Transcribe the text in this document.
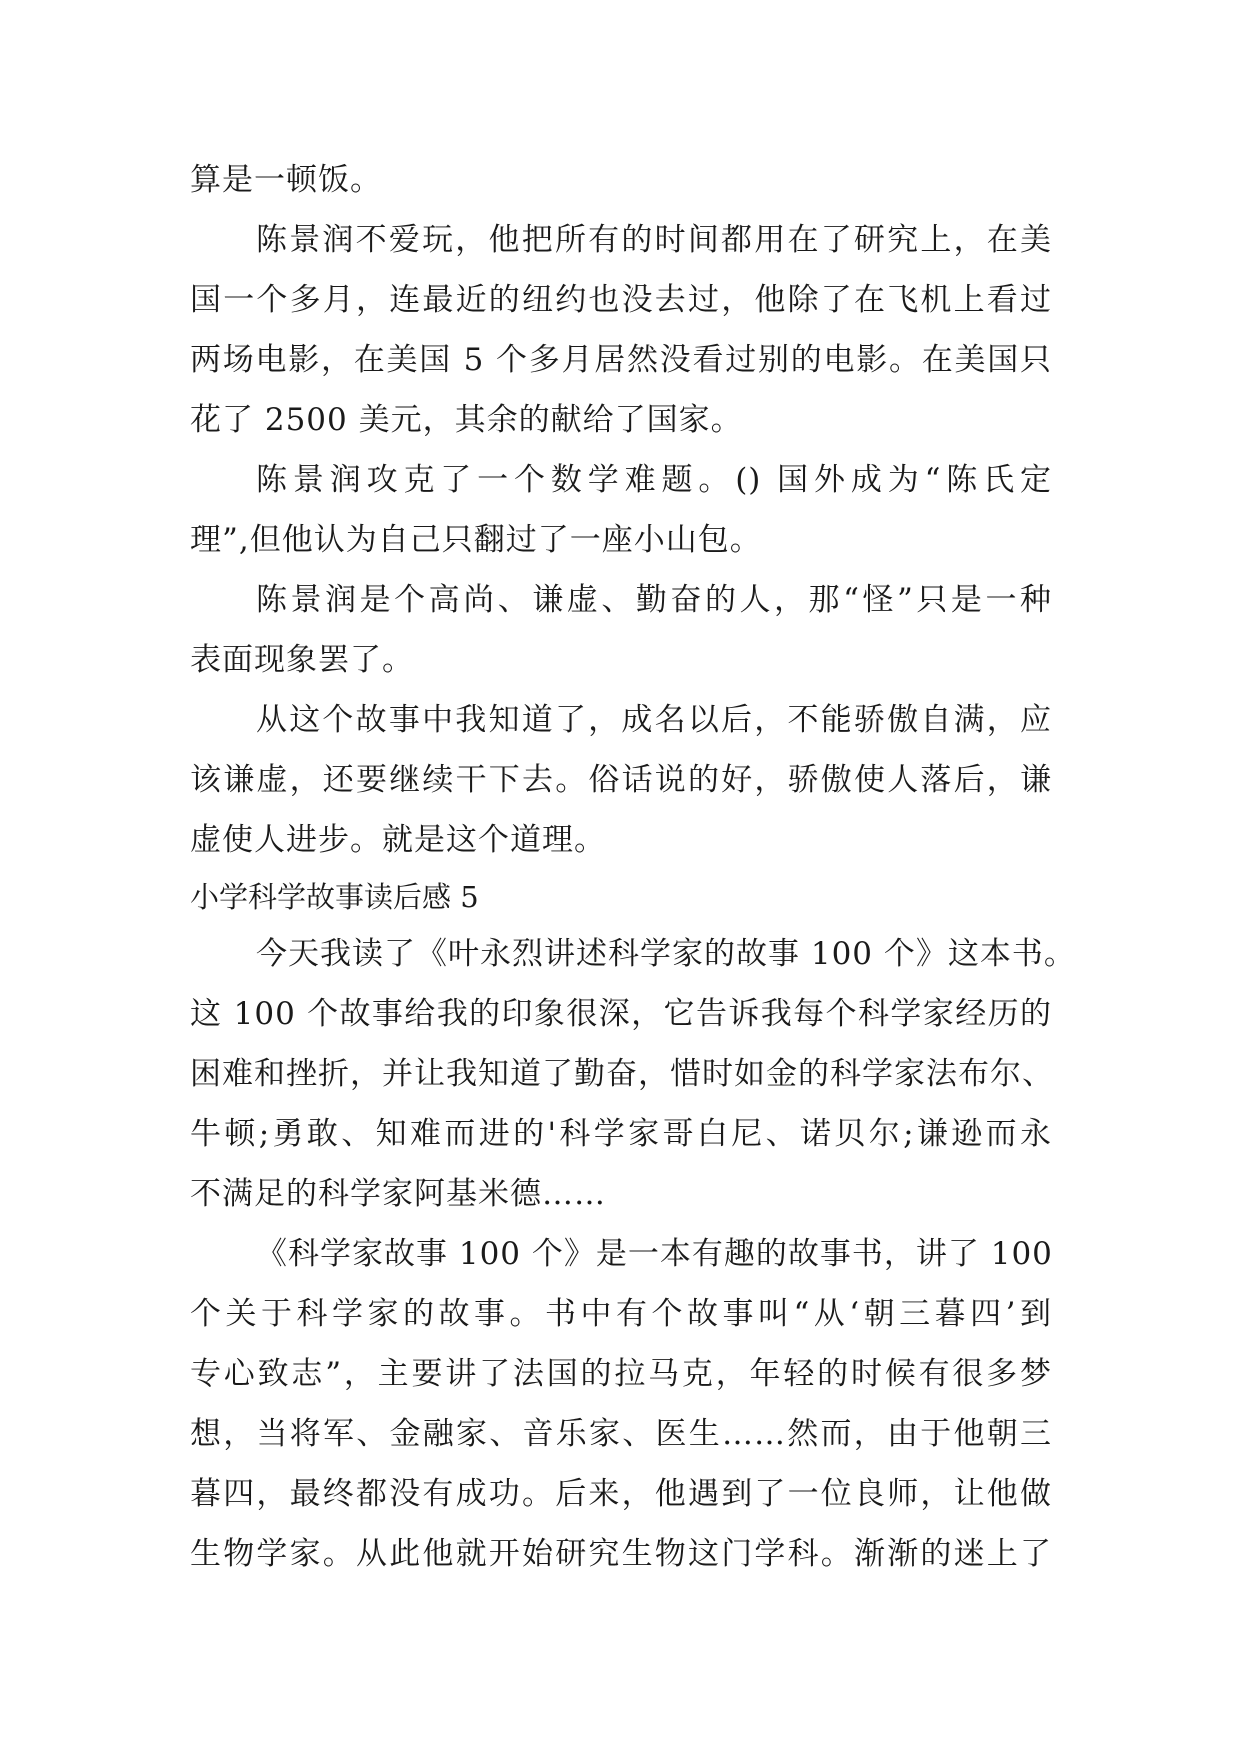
算是一顿饭。
陈景润不爱玩，他把所有的时间都用在了研究上，在美
国一个多月，连最近的纽约也没去过，他除了在飞机上看过
两场电影，在美国 5 个多月居然没看过别的电影。在美国只
花了 2500 美元，其余的献给了国家。
陈景润攻克了一个数学难题。() 国外成为“陈氏定
理”,但他认为自己只翻过了一座小山包。
陈景润是个高尚、谦虚、勤奋的人，那“怪”只是一种
表面现象罢了。
从这个故事中我知道了，成名以后，不能骄傲自满，应
该谦虚，还要继续干下去。俗话说的好，骄傲使人落后，谦
虚使人进步。就是这个道理。
小学科学故事读后感 5
今天我读了《叶永烈讲述科学家的故事 100 个》这本书。
这 100 个故事给我的印象很深，它告诉我每个科学家经历的
困难和挫折，并让我知道了勤奋，惜时如金的科学家法布尔、
牛顿;勇敢、知难而进的'科学家哥白尼、诺贝尔;谦逊而永
不满足的科学家阿基米德……
《科学家故事 100 个》是一本有趣的故事书，讲了 100
个关于科学家的故事。书中有个故事叫“从‘朝三暮四’到
专心致志”，主要讲了法国的拉马克，年轻的时候有很多梦
想，当将军、金融家、音乐家、医生……然而，由于他朝三
暮四，最终都没有成功。后来，他遇到了一位良师，让他做
生物学家。从此他就开始研究生物这门学科。渐渐的迷上了
